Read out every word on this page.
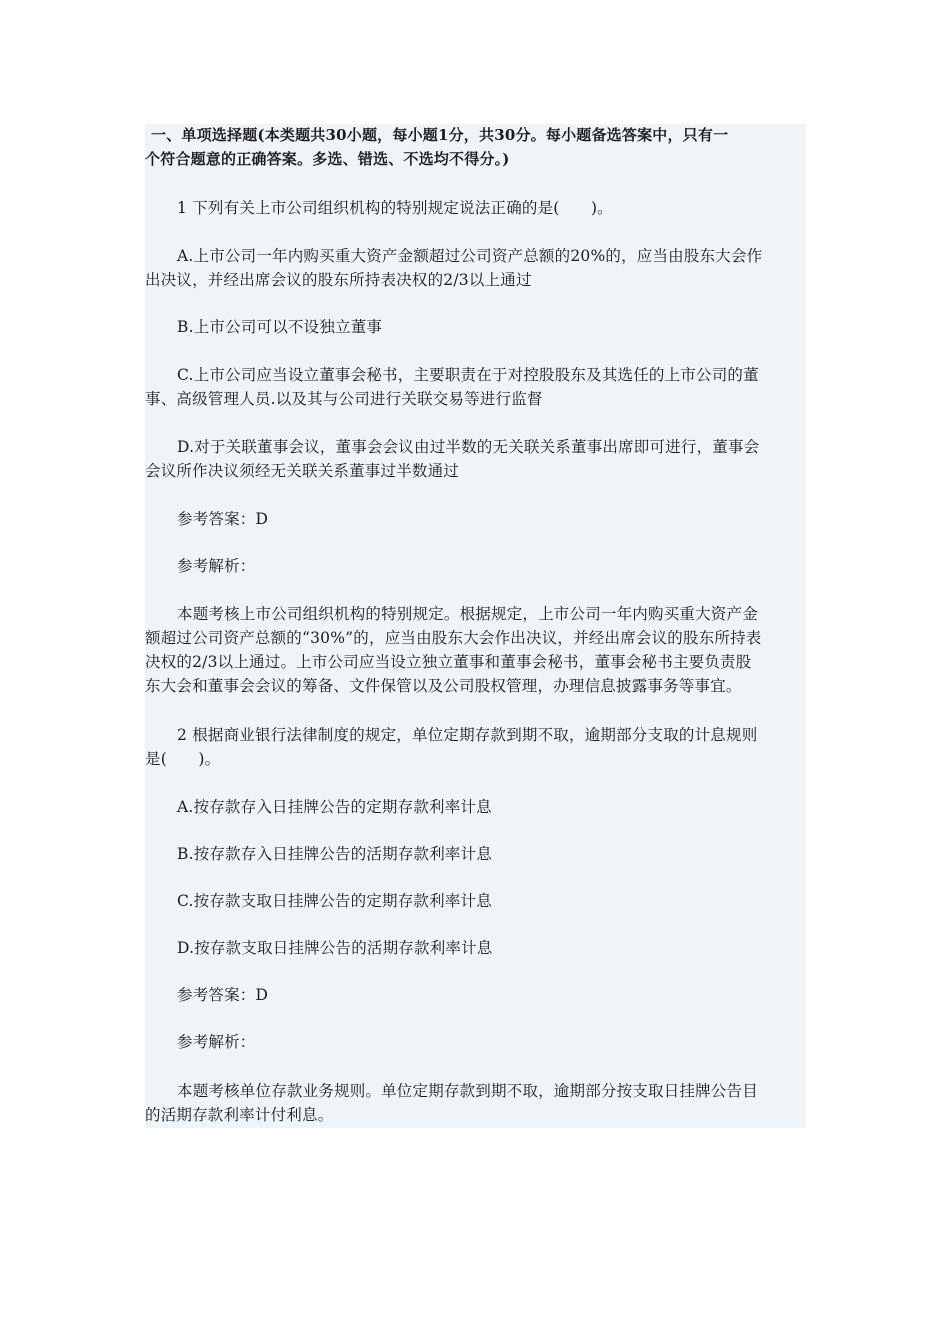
一、单项选择题(本类题共30小题，每小题1分，共30分。每小题备选答案中，只有一
个符合题意的正确答案。多选、错选、不选均不得分。)
1 下列有关上市公司组织机构的特别规定说法正确的是(　　)。
A.上市公司一年内购买重大资产金额超过公司资产总额的20%的，应当由股东大会作
出决议，并经出席会议的股东所持表决权的2/3以上通过
B.上市公司可以不设独立董事
C.上市公司应当设立董事会秘书，主要职责在于对控股股东及其选任的上市公司的董
事、高级管理人员.以及其与公司进行关联交易等进行监督
D.对于关联董事会议，董事会会议由过半数的无关联关系董事出席即可进行，董事会
会议所作决议须经无关联关系董事过半数通过
参考答案：D
参考解析：
本题考核上市公司组织机构的特别规定。根据规定，上市公司一年内购买重大资产金
额超过公司资产总额的“30%”的，应当由股东大会作出决议，并经出席会议的股东所持表
决权的2/3以上通过。上市公司应当设立独立董事和董事会秘书，董事会秘书主要负责股
东大会和董事会会议的筹备、文件保管以及公司股权管理，办理信息披露事务等事宜。
2 根据商业银行法律制度的规定，单位定期存款到期不取，逾期部分支取的计息规则
是(　　)。
A.按存款存入日挂牌公告的定期存款利率计息
B.按存款存入日挂牌公告的活期存款利率计息
C.按存款支取日挂牌公告的定期存款利率计息
D.按存款支取日挂牌公告的活期存款利率计息
参考答案：D
参考解析：
本题考核单位存款业务规则。单位定期存款到期不取，逾期部分按支取日挂牌公告目
的活期存款利率计付利息。
